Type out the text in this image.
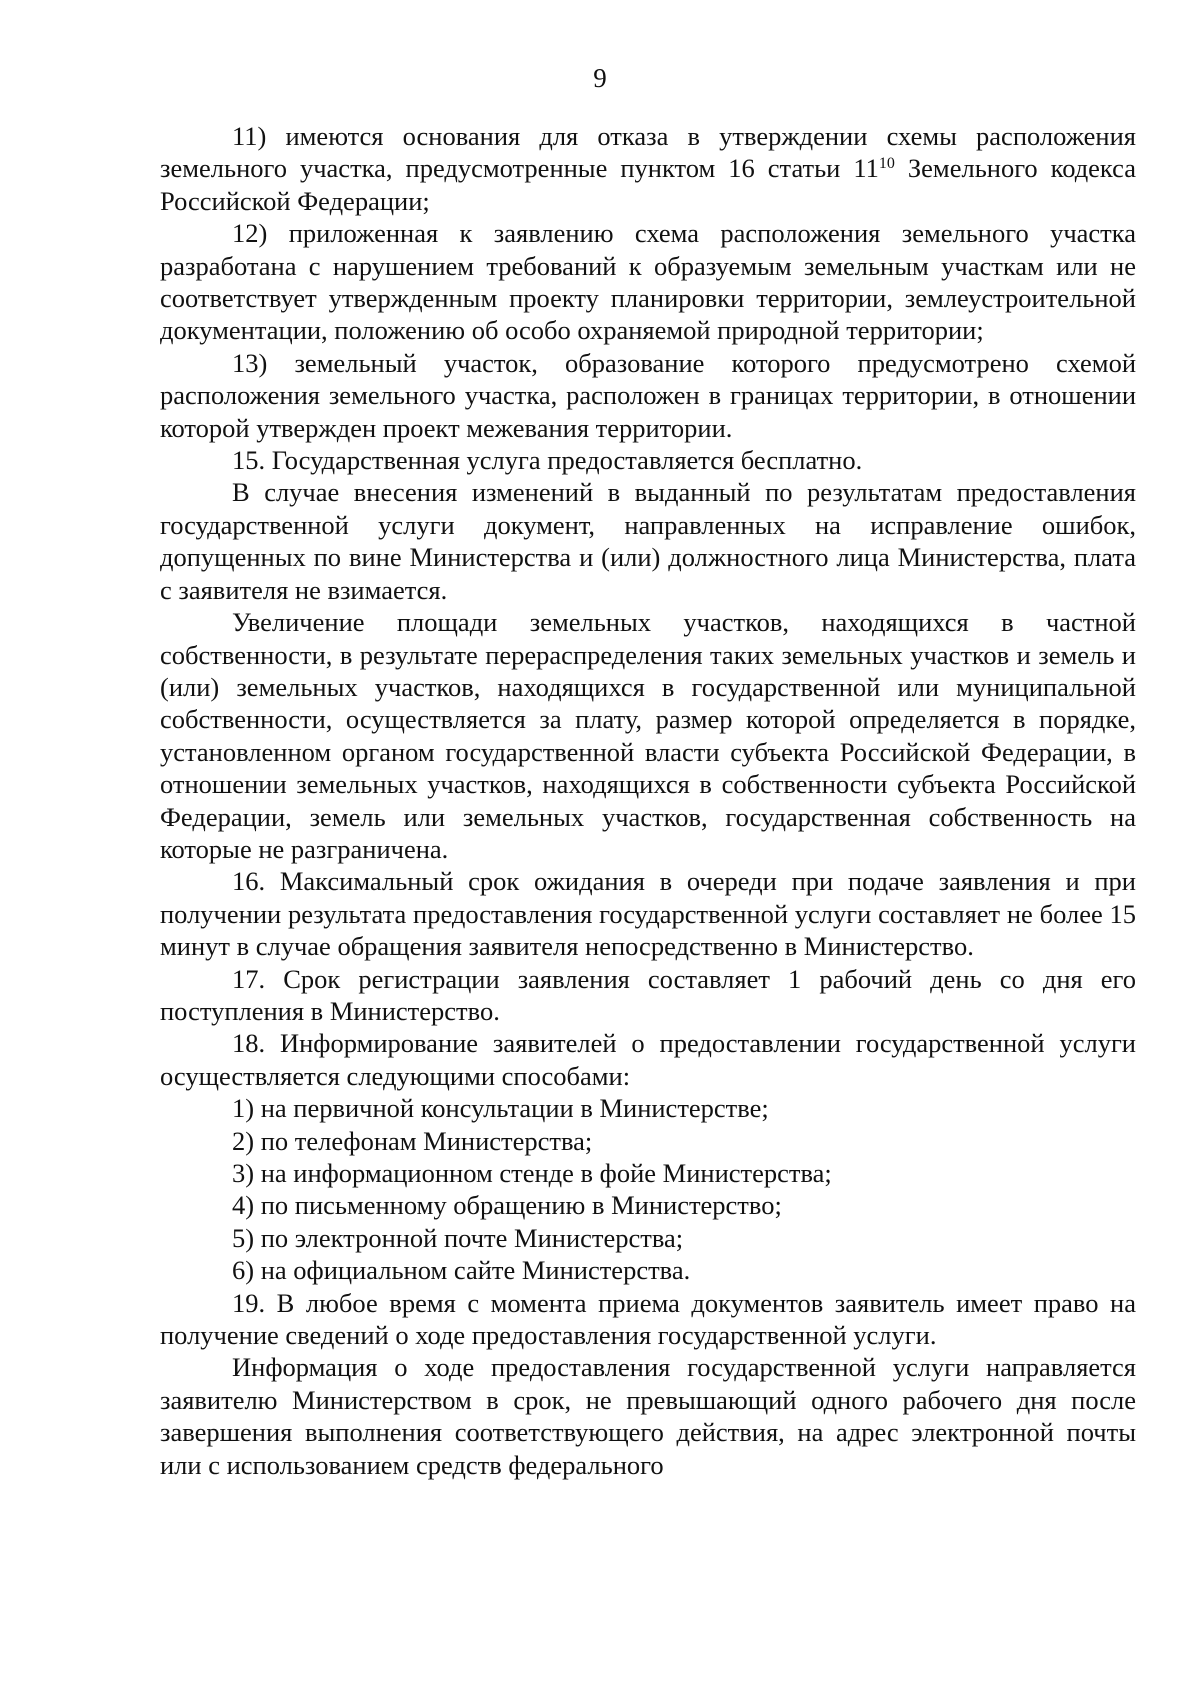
9

11) имеются основания для отказа в утверждении схемы расположения земельного участка, предусмотренные пунктом 16 статьи $11^{10}$ Земельного кодекса Российской Федерации;

12) приложенная к заявлению схема расположения земельного участка разработана с нарушением требований к образуемым земельным участкам или не соответствует утвержденным проекту планировки территории, землеустроительной документации, положению об особо охраняемой природной территории;

13) земельный участок, образование которого предусмотрено схемой расположения земельного участка, расположен в границах территории, в отношении которой утвержден проект межевания территории.

15. Государственная услуга предоставляется бесплатно.

В случае внесения изменений в выданный по результатам предоставления государственной услуги документ, направленных на исправление ошибок, допущенных по вине Министерства и (или) должностного лица Министерства, плата с заявителя не взимается.

Увеличение площади земельных участков, находящихся в частной собственности, в результате перераспределения таких земельных участков и земель и (или) земельных участков, находящихся в государственной или муниципальной собственности, осуществляется за плату, размер которой определяется в порядке, установленном органом государственной власти субъекта Российской Федерации, в отношении земельных участков, находящихся в собственности субъекта Российской Федерации, земель или земельных участков, государственная собственность на которые не разграничена.

16. Максимальный срок ожидания в очереди при подаче заявления и при получении результата предоставления государственной услуги составляет не более 15 минут в случае обращения заявителя непосредственно в Министерство.

17. Срок регистрации заявления составляет 1 рабочий день со дня его поступления в Министерство.

18. Информирование заявителей о предоставлении государственной услуги осуществляется следующими способами:

1) на первичной консультации в Министерстве;

2) по телефонам Министерства;

3) на информационном стенде в фойе Министерства;

4) по письменному обращению в Министерство;

5) по электронной почте Министерства;

6) на официальном сайте Министерства.

19. В любое время с момента приема документов заявитель имеет право на получение сведений о ходе предоставления государственной услуги.

Информация о ходе предоставления государственной услуги направляется заявителю Министерством в срок, не превышающий одного рабочего дня после завершения выполнения соответствующего действия, на адрес электронной почты или с использованием средств федерального
